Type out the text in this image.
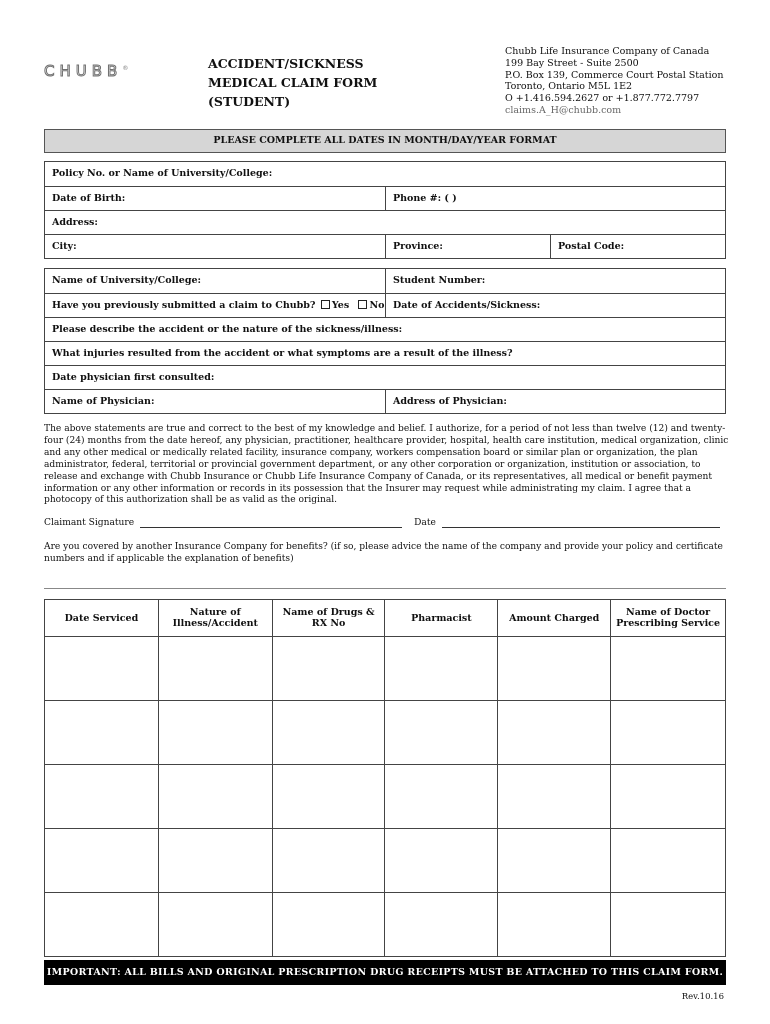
CHUBB®	ACCIDENT/SICKNESS
MEDICAL CLAIM FORM
(STUDENT)
Chubb Life Insurance Company of Canada
199 Bay Street - Suite 2500
P.O. Box 139, Commerce Court Postal Station
Toronto, Ontario M5L 1E2
O +1.416.594.2627 or +1.877.772.7797
claims.A_H@chubb.com
PLEASE COMPLETE ALL DATES IN MONTH/DAY/YEAR FORMAT
Policy No. or Name of University/College:
Date of Birth:	Phone #: ( )
Address:
City:	Province:	Postal Code:
Name of University/College:	Student Number:
Have you previously submitted a claim to Chubb? Yes No Date of Accidents/Sickness:
Please describe the accident or the nature of the sickness/illness:
What injuries resulted from the accident or what symptoms are a result of the illness?
Date physician first consulted:
Name of Physician:	Address of Physician:
The above statements are true and correct to the best of my knowledge and belief. I authorize, for a period of not less than twelve (12) and twenty-four (24) months from the date hereof, any physician, practitioner, healthcare provider, hospital, health care institution, medical organization, clinic and any other medical or medically related facility, insurance company, workers compensation board or similar plan or organization, the plan administrator, federal, territorial or provincial government department, or any other corporation or organization, institution or association, to release and exchange with Chubb Insurance or Chubb Life Insurance Company of Canada, or its representatives, all medical or benefit payment information or any other information or records in its possession that the Insurer may request while administrating my claim. I agree that a photocopy of this authorization shall be as valid as the original.
Claimant Signature	Date
Are you covered by another Insurance Company for benefits? (if so, please advice the name of the company and provide your policy and certificate numbers and if applicable the explanation of benefits)
Date Serviced	Nature of Illness/Accident	Name of Drugs & RX No	Pharmacist	Amount Charged	Name of Doctor Prescribing Service

IMPORTANT: ALL BILLS AND ORIGINAL PRESCRIPTION DRUG RECEIPTS MUST BE ATTACHED TO THIS CLAIM FORM.
Rev.10.16
